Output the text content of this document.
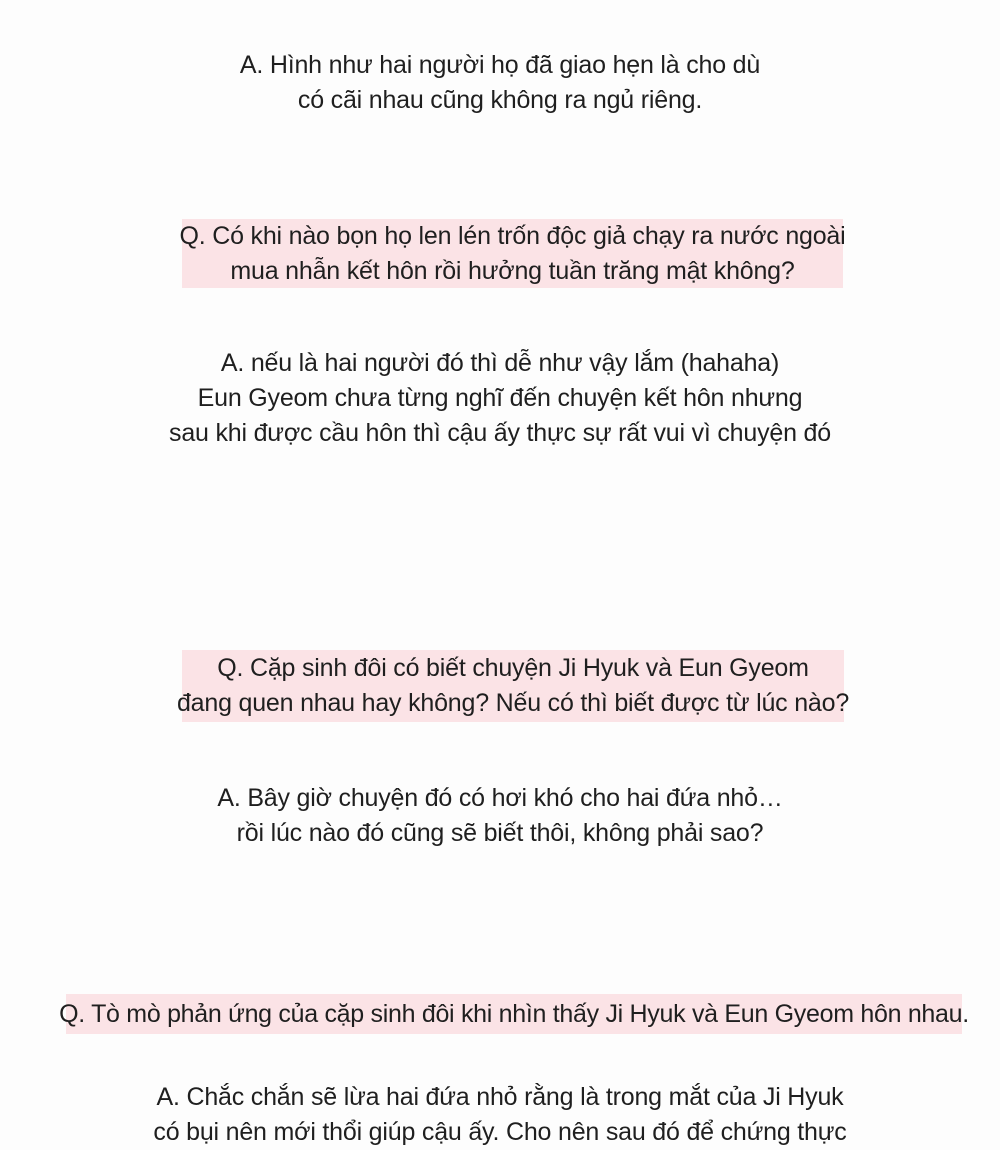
A. Hình như hai người họ đã giao hẹn là cho dù
có cãi nhau cũng không ra ngủ riêng.
Q. Có khi nào bọn họ len lén trốn độc giả chạy ra nước ngoài
mua nhẫn kết hôn rồi hưởng tuần trăng mật không?
A. nếu là hai người đó thì dễ như vậy lắm (hahaha)
Eun Gyeom chưa từng nghĩ đến chuyện kết hôn nhưng
sau khi được cầu hôn thì cậu ấy thực sự rất vui vì chuyện đó
Q. Cặp sinh đôi có biết chuyện Ji Hyuk và Eun Gyeom
đang quen nhau hay không? Nếu có thì biết được từ lúc nào?
A. Bây giờ chuyện đó có hơi khó cho hai đứa nhỏ…
rồi lúc nào đó cũng sẽ biết thôi, không phải sao?
Q. Tò mò phản ứng của cặp sinh đôi khi nhìn thấy Ji Hyuk và Eun Gyeom hôn nhau.
A. Chắc chắn sẽ lừa hai đứa nhỏ rằng là trong mắt của Ji Hyuk
có bụi nên mới thổi giúp cậu ấy. Cho nên sau đó để chứng thực
